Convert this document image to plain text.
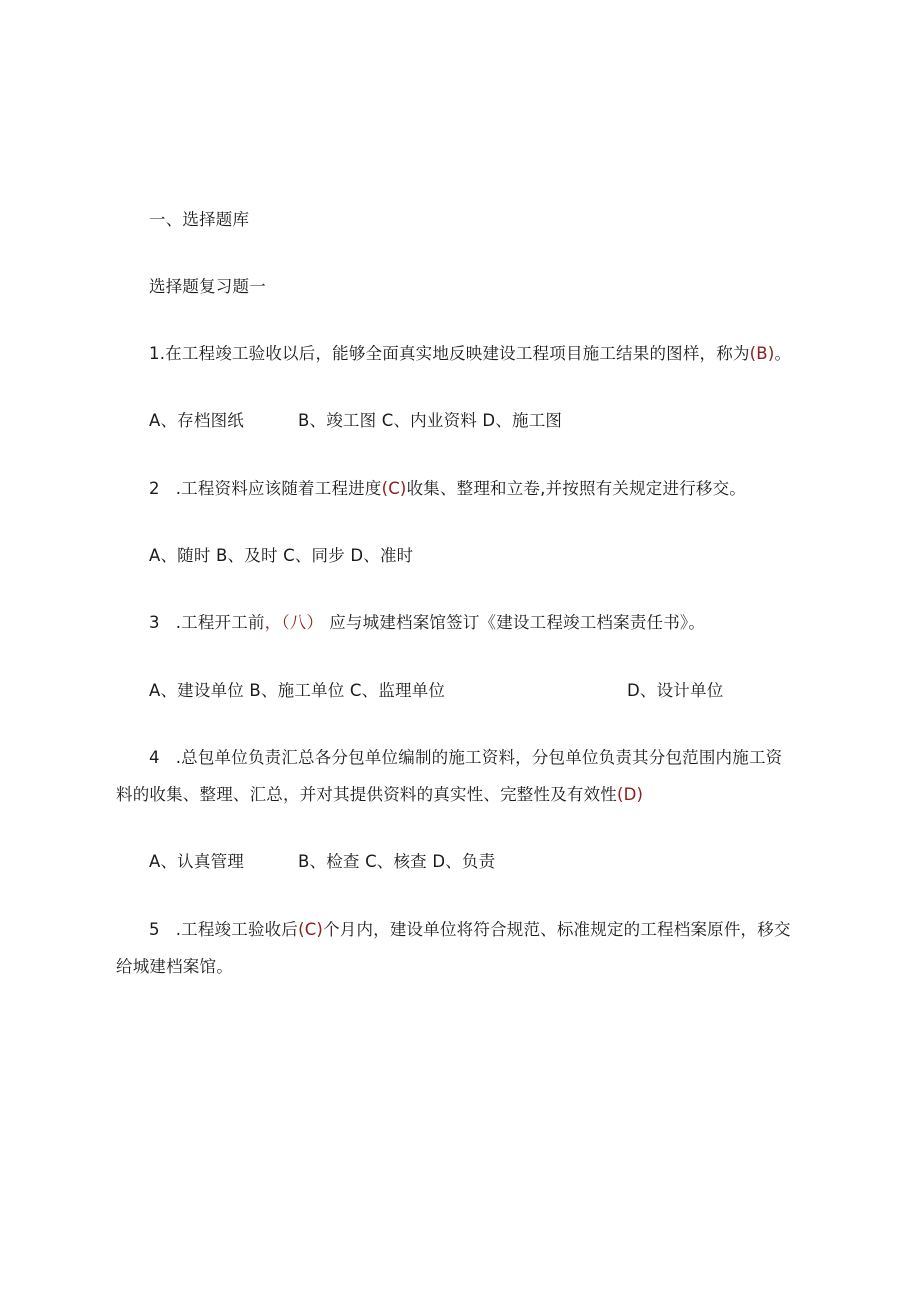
一、选择题库
选择题复习题一
1.在工程竣工验收以后，能够全面真实地反映建设工程项目施工结果的图样，称为(B)。
A、存档图纸	B、竣工图 C、内业资料 D、施工图
2 .工程资料应该随着工程进度(C)收集、整理和立卷,并按照有关规定进行移交。
A、随时 B、及时 C、同步 D、准时
3 .工程开工前，（八） 应与城建档案馆签订《建设工程竣工档案责任书》。
A、建设单位 B、施工单位 C、监理单位	D、设计单位
4 .总包单位负责汇总各分包单位编制的施工资料，分包单位负责其分包范围内施工资
料的收集、整理、汇总，并对其提供资料的真实性、完整性及有效性(D)
A、认真管理	B、检查 C、核查 D、负责
5 .工程竣工验收后(C)个月内，建设单位将符合规范、标准规定的工程档案原件，移交
给城建档案馆。
